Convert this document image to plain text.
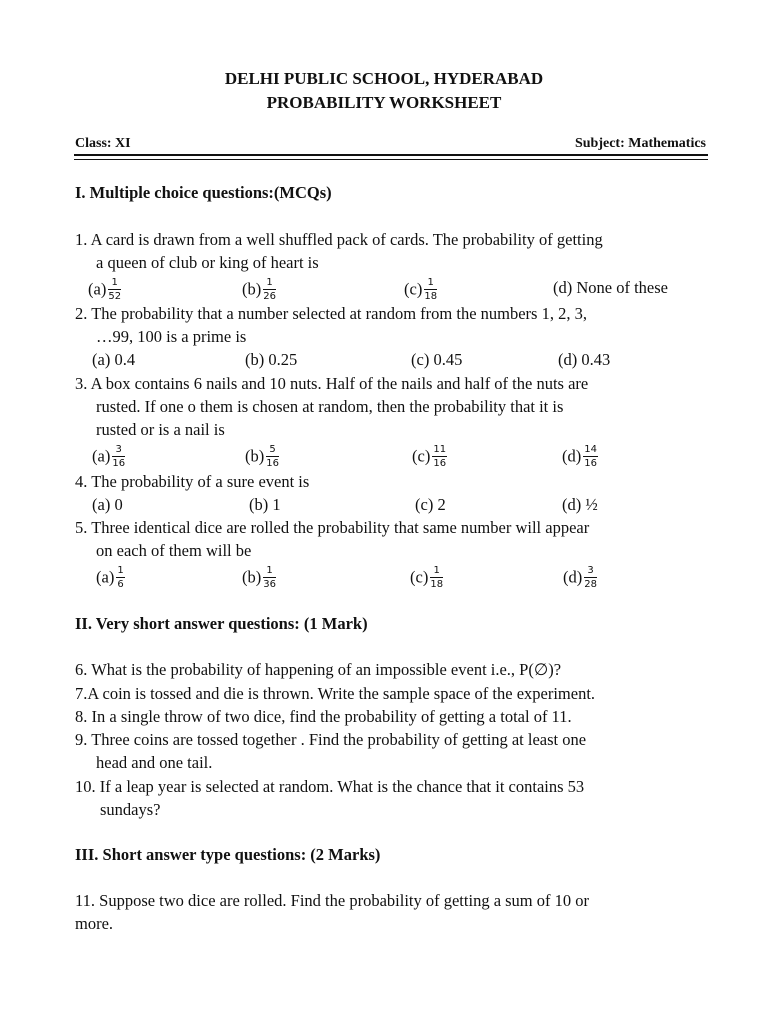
DELHI PUBLIC SCHOOL, HYDERABAD
PROBABILITY WORKSHEET
Class: XI	Subject: Mathematics
I. Multiple choice questions:(MCQs)
1. A card is drawn from a well shuffled pack of cards. The probability of getting
a queen of club or king of heart is
$(a) \frac{1}{52}$	$(b) \frac{1}{26}$	$(c) \frac{1}{18}$	(d) None of these
2. The probability that a number selected at random from the numbers 1, 2, 3,
…99, 100 is a prime is
(a) 0.4	(b) 0.25	(c) 0.45	(d) 0.43
3. A box contains 6 nails and 10 nuts. Half of the nails and half of the nuts are
rusted. If one o them is chosen at random, then the probability that it is
rusted or is a nail is
$(a) \frac{3}{16}$	$(b) \frac{5}{16}$	$(c) \frac{11}{16}$	$(d) \frac{14}{16}$
4. The probability of a sure event is
(a) 0	(b) 1	(c) 2	(d) ½
5. Three identical dice are rolled the probability that same number will appear
on each of them will be
$(a) \frac{1}{6}$	$(b) \frac{1}{36}$	$(c) \frac{1}{18}$	$(d) \frac{3}{28}$
II. Very short answer questions: (1 Mark)
6. What is the probability of happening of an impossible event i.e., P(∅)?
7.A coin is tossed and die is thrown. Write the sample space of the experiment.
8. In a single throw of two dice, find the probability of getting a total of 11.
9. Three coins are tossed together . Find the probability of getting at least one
head and one tail.
10. If a leap year is selected at random. What is the chance that it contains 53
sundays?
III. Short answer type questions: (2 Marks)
11. Suppose two dice are rolled. Find the probability of getting a sum of 10 or
more.
